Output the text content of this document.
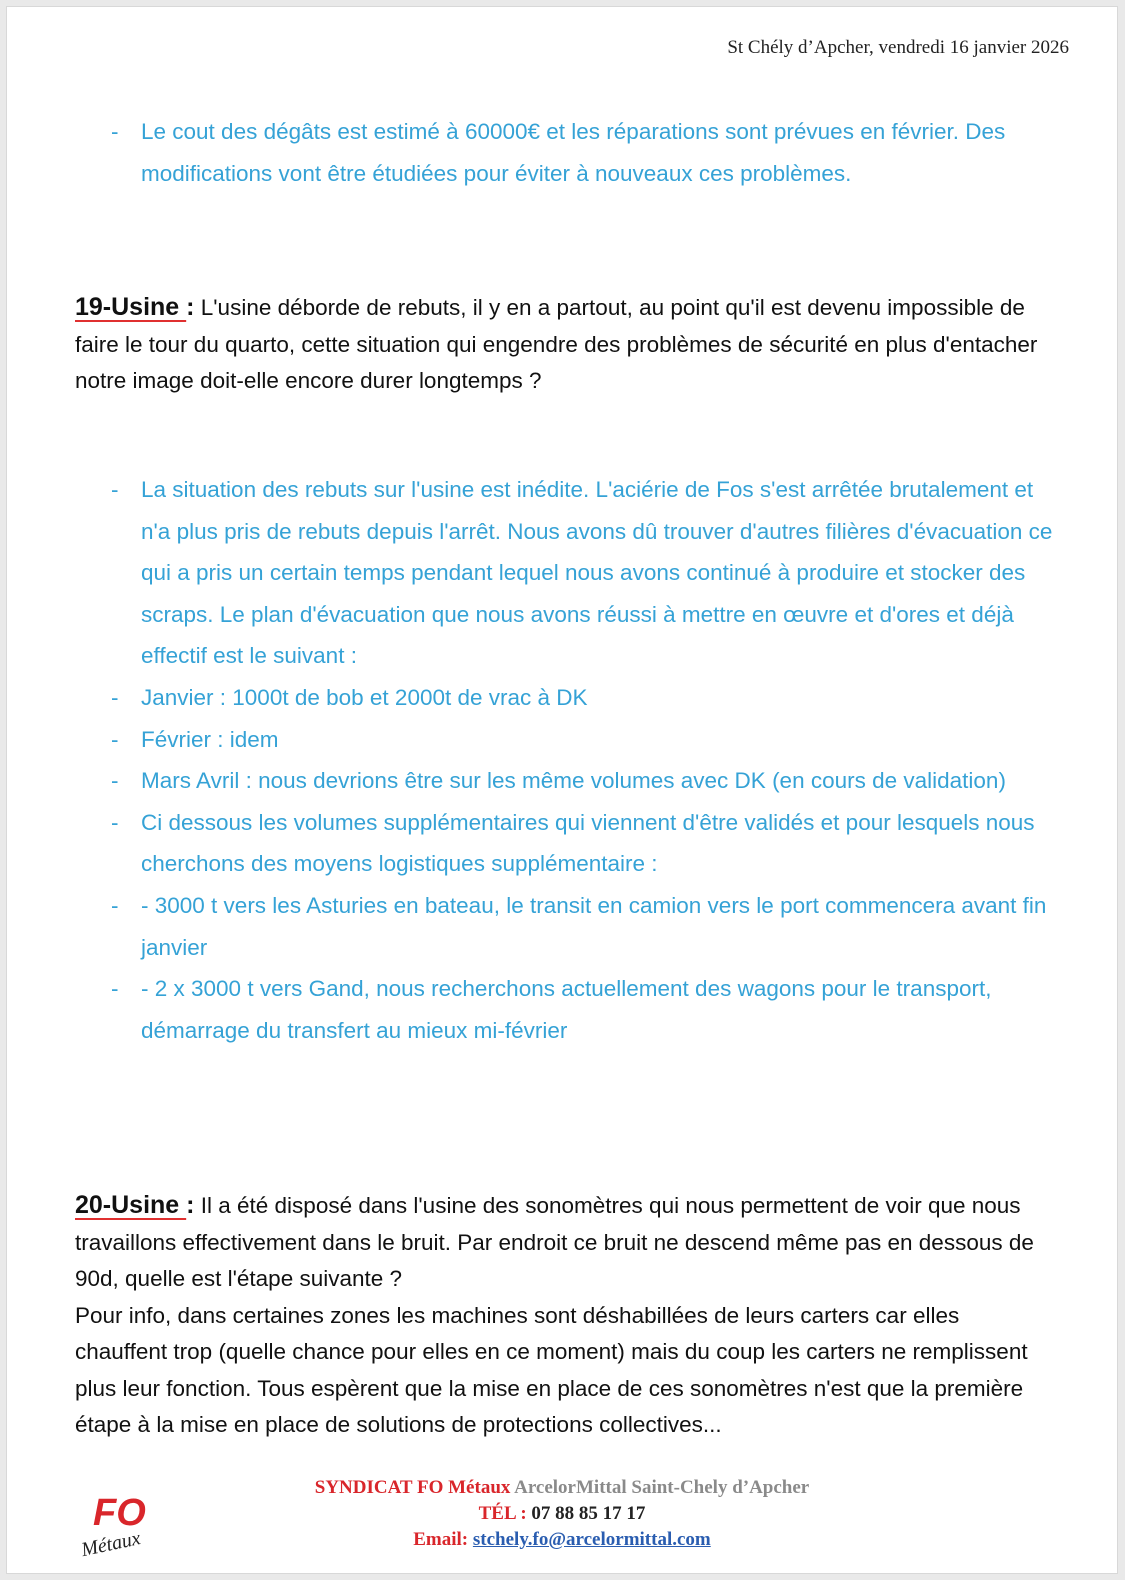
St Chély d’Apcher, vendredi 16 janvier 2026
- Le cout des dégâts est estimé à 60000€ et les réparations sont prévues en février. Des modifications vont être étudiées pour éviter à nouveaux ces problèmes.

19-Usine : L'usine déborde de rebuts, il y en a partout, au point qu'il est devenu impossible de faire le tour du quarto, cette situation qui engendre des problèmes de sécurité en plus d'entacher notre image doit-elle encore durer longtemps ?

- La situation des rebuts sur l'usine est inédite. L'aciérie de Fos s'est arrêtée brutalement et n'a plus pris de rebuts depuis l'arrêt. Nous avons dû trouver d'autres filières d'évacuation ce qui a pris un certain temps pendant lequel nous avons continué à produire et stocker des scraps. Le plan d'évacuation que nous avons réussi à mettre en œuvre et d'ores et déjà effectif est le suivant :
- Janvier : 1000t de bob et 2000t de vrac à DK
- Février : idem
- Mars Avril : nous devrions être sur les même volumes avec DK (en cours de validation)
- Ci dessous les volumes supplémentaires qui viennent d'être validés et pour lesquels nous cherchons des moyens logistiques supplémentaire :
- - 3000 t vers les Asturies en bateau, le transit en camion vers le port commencera avant fin janvier
- - 2 x 3000 t vers Gand, nous recherchons actuellement des wagons pour le transport, démarrage du transfert au mieux mi-février
20-Usine : Il a été disposé dans l'usine des sonomètres qui nous permettent de voir que nous travaillons effectivement dans le bruit. Par endroit ce bruit ne descend même pas en dessous de 90d, quelle est l'étape suivante ?
Pour info, dans certaines zones les machines sont déshabillées de leurs carters car elles chauffent trop (quelle chance pour elles en ce moment) mais du coup les carters ne remplissent plus leur fonction. Tous espèrent que la mise en place de ces sonomètres n'est que la première étape à la mise en place de solutions de protections collectives...
FO
Métaux
SYNDICAT FO Métaux ArcelorMittal Saint-Chely d’Apcher
TÉL : 07 88 85 17 17
Email: stchely.fo@arcelormittal.com
